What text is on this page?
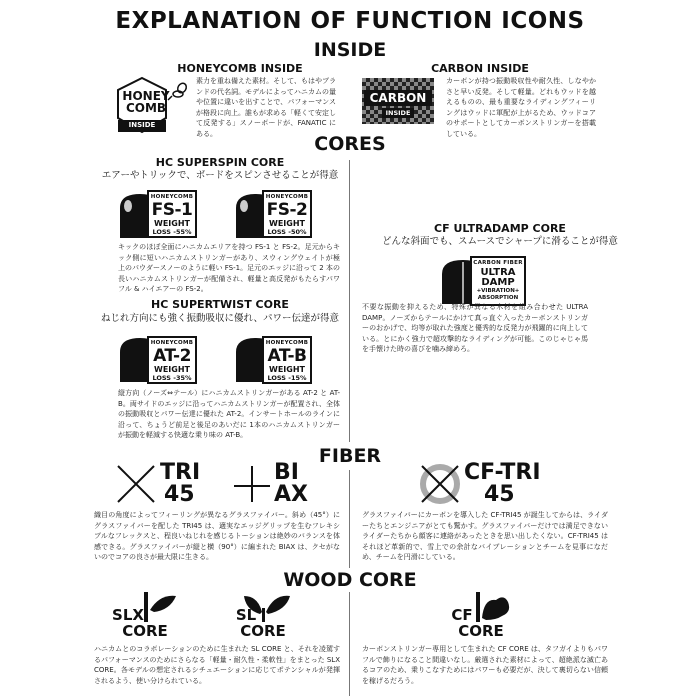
EXPLANATION OF FUNCTION ICONS
INSIDE
HONEYCOMB INSIDE
HONEY
COMB
INSIDE
素力を重ね備えた素材。そして、もはやブランドの代名詞。モデルによってハニカムの量や位置に違いを出すことで、パフォーマンスが格段に向上。誰もが求める「軽くて安定して反発する」スノーボードが、FANATIC にある。
CARBON INSIDE
CARBON
INSIDE
カーボンが持つ振動吸収性や耐久性、しなやかさと早い反発。そして軽量。どれもウッドを越えるものの、最も重要なライディングフィーリングはウッドに軍配が上がるため、ウッドコアのサポートとしてカーボンストリンガーを搭載している。
CORES
HC SUPERSPIN CORE
エアーやトリックで、ボードをスピンさせることが得意
HONEYCOMB
FS-1
WEIGHT
LOSS -55%
HONEYCOMB
FS-2
WEIGHT
LOSS -50%
キックのほぼ全面にハニカムエリアを持つ FS-1 と FS-2。足元からキック側に短いハニカムストリンガーがあり、スウィングウェイトが極上のパウダースノーのように軽い FS-1。足元のエッジに沿って 2 本の長いハニカムストリンガーが配備され、軽量と高反発がもたらすパワフル & ハイエアーの FS-2。
HC SUPERTWIST CORE
ねじれ方向にも強く振動吸収に優れ、パワー伝達が得意
HONEYCOMB
AT-2
WEIGHT
LOSS -35%
HONEYCOMB
AT-B
WEIGHT
LOSS -15%
縦方向（ノーズ⇔テール）にハニカムストリンガーがある AT-2 と AT-B。両サイドのエッジに沿ってハニカムストリンガーが配置され、全体の振動吸収とパワー伝達に優れた AT-2。インサートホールのラインに沿って、ちょうど前足と後足のあいだに 1本のハニカムストリンガーが振動を軽減する快適な乗り味の AT-B。
CF ULTRADAMP CORE
どんな斜面でも、スムースでシャープに滑ることが得意
CARBON FIBER
ULTRA
DAMP
+VIBRATION+
ABSORPTION
不要な振動を抑えるため、特殊が異なる木材を組み合わせた ULTRA DAMP。ノーズからテールにかけて真っ直ぐ入ったカーボンストリンガーのおかげで、均等が取れた強度と優秀的な反発力が飛躍的に向上している。とにかく強力で超攻撃的なライディングが可能。このじゃじゃ馬を手懐けた時の喜びを噛み締めろ。
FIBER
TRI
45
BI
AX
CF-TRI
45
織目の角度によってフィーリングが異なるグラスファイバー。斜め（45°）にグラスファイバーを配した TRI45 は、適実なエッジグリップを生むフレキシブルなフレックスと、程良いねじれを感じるトーションは絶妙のバランスを体感できる。グラスファイバーが縦と横（90°）に編まれた BIAX は、クセがないのでコアの良さが最大限に生きる。
グラスファイバーにカーボンを導入した CF-TRI45 が誕生してからは、ライダーたちとエンジニアがとても驚かす。グラスファイバーだけでは満足できないライダーたちから顔客に連絡があったときを思い出したくない。CF-TRI45 はそれほど革新的で、雪上での余計なバイブレーションとチームを見事になだめ、チームを円滑にしている。
WOOD CORE
SLX
CORE
SL
CORE
CF
CORE
ハニカムとのコラボレーションのために生まれた SL CORE と、それを凌駕するパフォーマンスのためにさらなる「軽量・耐久性・柔軟性」をまとった SLX CORE。各モデルの想定されるシチュエーションに応じてポテンシャルが発揮されるよう、使い分けられている。
カーボンストリンガー専用として生まれた CF CORE は、タフガイよりもパワフルで飾りになること間違いなし。厳選された素材によって、超絶派な滅亡あるコアのため、乗りこなすためにはパワーも必要だが、決して裏切らない信頼を稼げるだろう。
